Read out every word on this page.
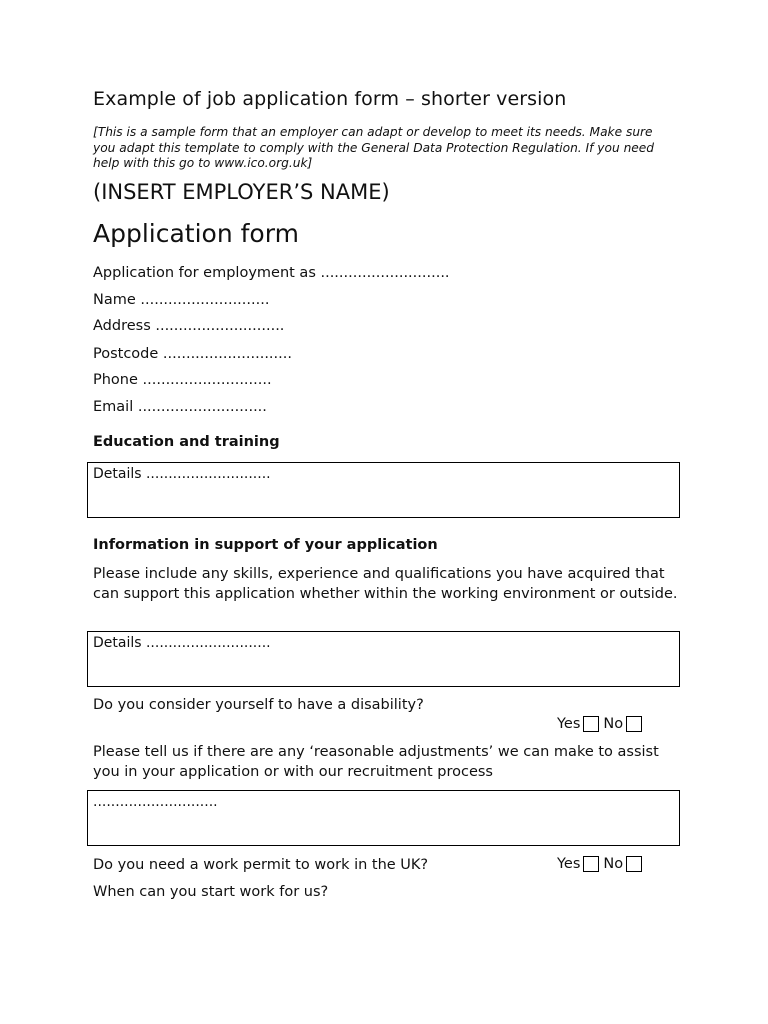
Example of job application form – shorter version
[This is a sample form that an employer can adapt or develop to meet its needs. Make sure you adapt this template to comply with the General Data Protection Regulation. If you need help with this go to www.ico.org.uk]
(INSERT EMPLOYER’S NAME)
Application form
Application for employment as ............................
Name ............................
Address ............................
Postcode ............................
Phone ............................
Email ............................
Education and training
Details ............................
Information in support of your application
Please include any skills, experience and qualifications you have acquired that can support this application whether within the working environment or outside.
Details ............................
Do you consider yourself to have a disability?
Yes No
Please tell us if there are any ‘reasonable adjustments’ we can make to assist you in your application or with our recruitment process
............................
Do you need a work permit to work in the UK?	Yes No
When can you start work for us?
